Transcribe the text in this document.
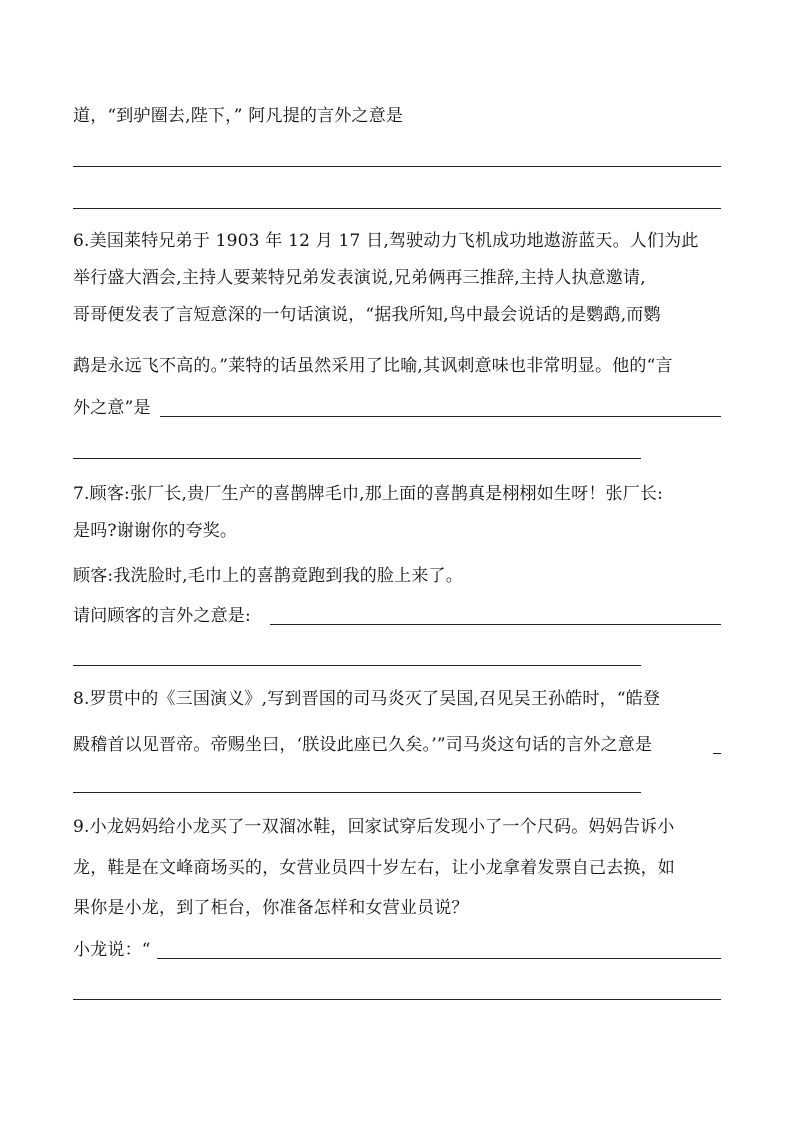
道，“到驴圈去,陛下，” 阿凡提的言外之意是
6.美国莱特兄弟于 1903 年 12 月 17 日,驾驶动力飞机成功地遨游蓝天。人们为此
举行盛大酒会,主持人要莱特兄弟发表演说,兄弟俩再三推辞,主持人执意邀请,
哥哥便发表了言短意深的一句话演说，“据我所知,鸟中最会说话的是鹦鹉,而鹦
鹉是永远飞不高的。”莱特的话虽然采用了比喻,其讽刺意味也非常明显。他的“言
外之意”是
7.顾客:张厂长,贵厂生产的喜鹊牌毛巾,那上面的喜鹊真是栩栩如生呀！张厂长:
是吗?谢谢你的夸奖。
顾客:我洗脸时,毛巾上的喜鹊竟跑到我的脸上来了。
请问顾客的言外之意是:
8.罗贯中的《三国演义》,写到晋国的司马炎灭了吴国,召见吴王孙皓时，“皓登
殿稽首以见晋帝。帝赐坐曰，‘朕设此座已久矣。’”司马炎这句话的言外之意是
9.小龙妈妈给小龙买了一双溜冰鞋，回家试穿后发现小了一个尺码。妈妈告诉小
龙，鞋是在文峰商场买的，女营业员四十岁左右，让小龙拿着发票自己去换，如
果你是小龙，到了柜台，你准备怎样和女营业员说？
小龙说：“
